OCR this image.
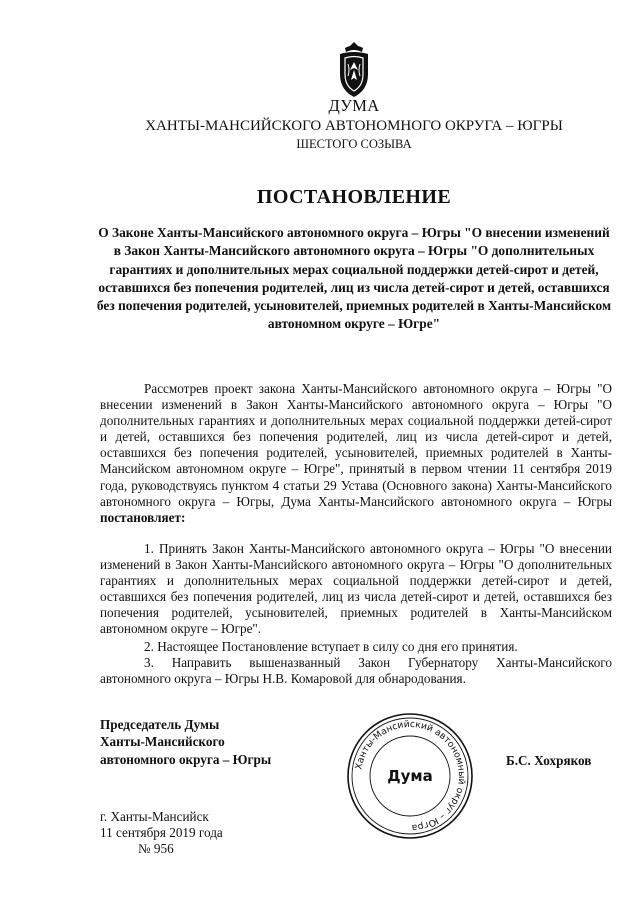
ДУМА
ХАНТЫ-МАНСИЙСКОГО АВТОНОМНОГО ОКРУГА – ЮГРЫ
ШЕСТОГО СОЗЫВА
ПОСТАНОВЛЕНИЕ
О Законе Ханты-Мансийского автономного округа – Югры "О внесении изменений в Закон Ханты-Мансийского автономного округа – Югры "О дополнительных гарантиях и дополнительных мерах социальной поддержки детей-сирот и детей, оставшихся без попечения родителей, лиц из числа детей-сирот и детей, оставшихся без попечения родителей, усыновителей, приемных родителей в Ханты-Мансийском автономном округе – Югре"

Рассмотрев проект закона Ханты-Мансийского автономного округа – Югры "О внесении изменений в Закон Ханты-Мансийского автономного округа – Югры "О дополнительных гарантиях и дополнительных мерах социальной поддержки детей-сирот и детей, оставшихся без попечения родителей, лиц из числа детей-сирот и детей, оставшихся без попечения родителей, усыновителей, приемных родителей в Ханты-Мансийском автономном округе – Югре", принятый в первом чтении 11 сентября 2019 года, руководствуясь пунктом 4 статьи 29 Устава (Основного закона) Ханты-Мансийского автономного округа – Югры, Дума Ханты-Мансийского автономного округа – Югры постановляет:

1. Принять Закон Ханты-Мансийского автономного округа – Югры "О внесении изменений в Закон Ханты-Мансийского автономного округа – Югры "О дополнительных гарантиях и дополнительных мерах социальной поддержки детей-сирот и детей, оставшихся без попечения родителей, лиц из числа детей-сирот и детей, оставшихся без попечения родителей, усыновителей, приемных родителей в Ханты-Мансийском автономном округе – Югре".

2. Настоящее Постановление вступает в силу со дня его принятия.

3. Направить вышеназванный Закон Губернатору Ханты-Мансийского автономного округа – Югры Н.В. Комаровой для обнародования.

Председатель Думы
Ханты-Мансийского
автономного округа – Югры	Ханты-Мансийский автономный округ – Югра
Дума
Б.С. Хохряков
г. Ханты-Мансийск
11 сентября 2019 года
№ 956
